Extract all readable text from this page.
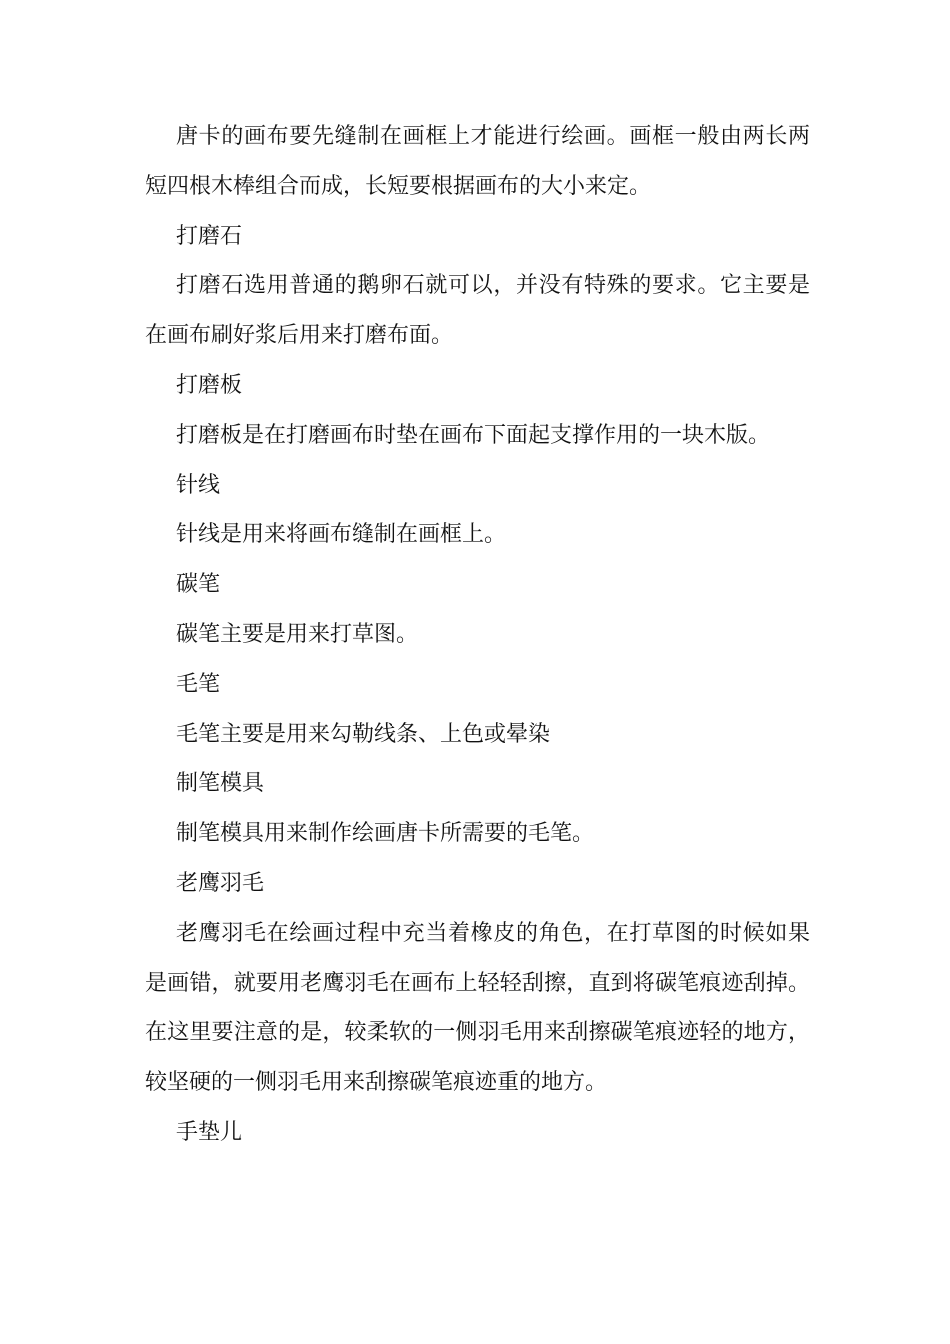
唐卡的画布要先缝制在画框上才能进行绘画。画框一般由两长两短四根木棒组合而成，长短要根据画布的大小来定。

打磨石

打磨石选用普通的鹅卵石就可以，并没有特殊的要求。它主要是在画布刷好浆后用来打磨布面。

打磨板

打磨板是在打磨画布时垫在画布下面起支撑作用的一块木版。

针线

针线是用来将画布缝制在画框上。

碳笔

碳笔主要是用来打草图。

毛笔

毛笔主要是用来勾勒线条、上色或晕染

制笔模具

制笔模具用来制作绘画唐卡所需要的毛笔。

老鹰羽毛

老鹰羽毛在绘画过程中充当着橡皮的角色，在打草图的时候如果是画错，就要用老鹰羽毛在画布上轻轻刮擦，直到将碳笔痕迹刮掉。在这里要注意的是，较柔软的一侧羽毛用来刮擦碳笔痕迹轻的地方，较坚硬的一侧羽毛用来刮擦碳笔痕迹重的地方。

手垫儿
